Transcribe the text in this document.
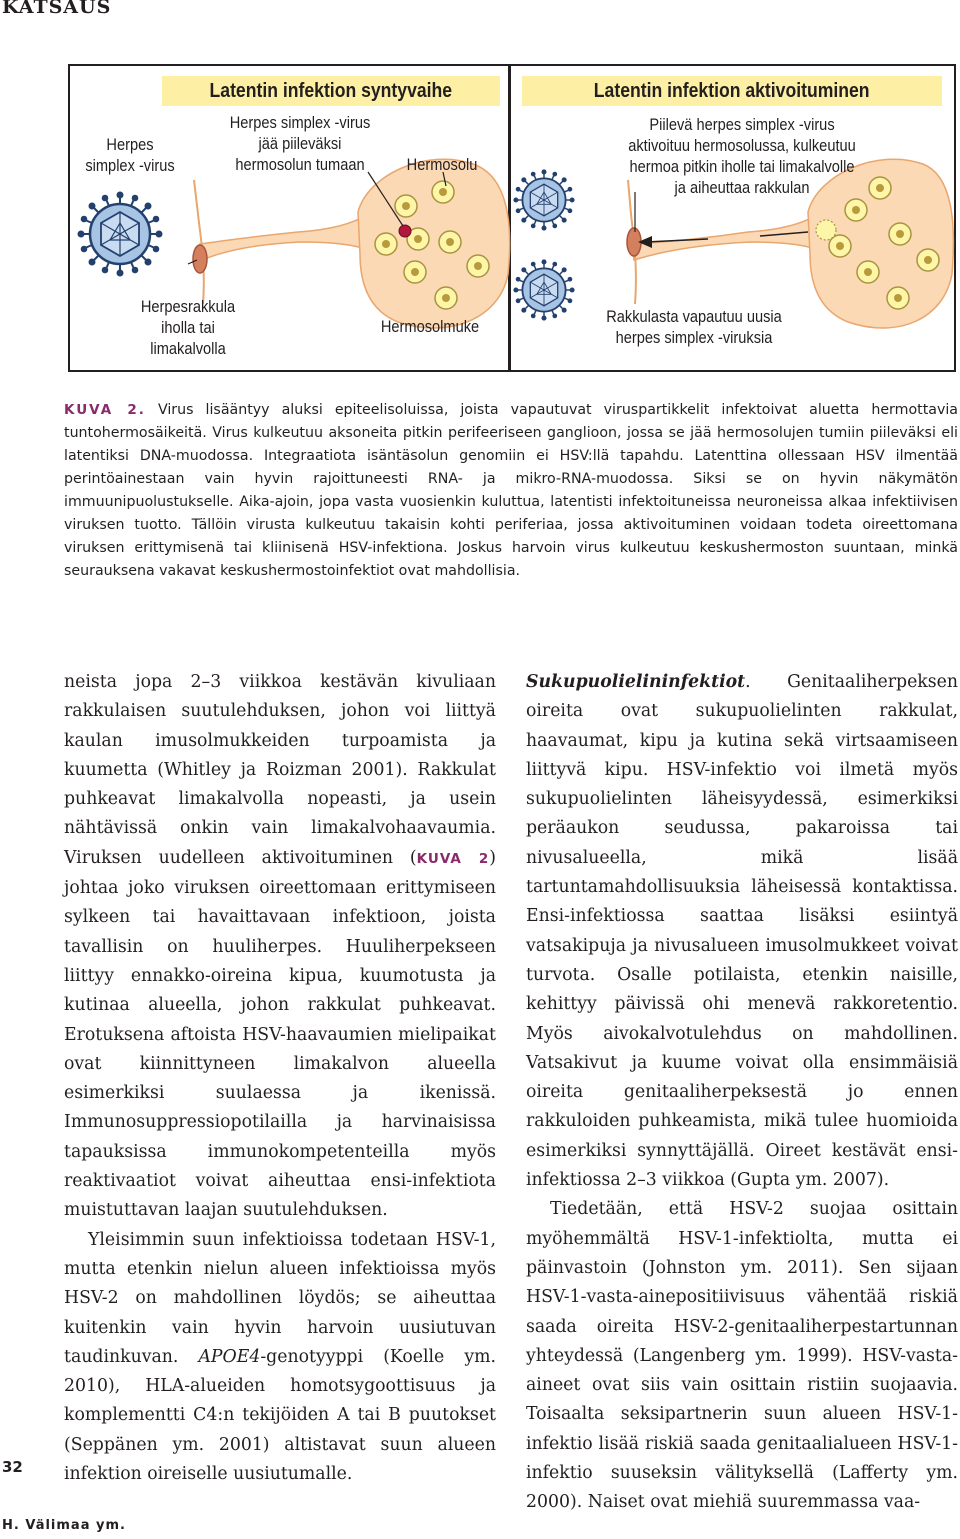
KATSAUS
Latentin infektion syntyvaihe	Latentin infektion aktivoituminen
Herpes
simplex -virus
Herpes simplex -virus
jää piileväksi
hermosolun tumaan	Hermosolu
Herpesrakkula
iholla tai
limakalvolla
Hermosolmuke
Piilevä herpes simplex -virus
aktivoituu hermosolussa, kulkeutuu
hermoa pitkin iholle tai limakalvolle
ja aiheuttaa rakkulan
Rakkulasta vapautuu uusia
herpes simplex -viruksia
KUVA 2. Virus lisääntyy aluksi epiteelisoluissa, joista vapautuvat viruspartikkelit infektoivat aluetta hermottavia tuntohermosäikeitä. Virus kulkeutuu aksoneita pitkin perifeeriseen ganglioon, jossa se jää hermosolujen tumiin piileväksi eli latentiksi DNA-muodossa. Integraatiota isäntäsolun genomiin ei HSV:llä tapahdu. Latenttina ollessaan HSV ilmentää perintöainestaan vain hyvin rajoittuneesti RNA- ja mikro-RNA-muodossa. Siksi se on hyvin näkymätön immuunipuolustukselle. Aika-ajoin, jopa vasta vuosienkin kuluttua, latentisti infektoituneissa neuroneissa alkaa infektiivisen viruksen tuotto. Tällöin virusta kulkeutuu takaisin kohti periferiaa, jossa aktivoituminen voidaan todeta oireettomana viruksen erittymisenä tai kliinisenä HSV-infektiona. Joskus harvoin virus kulkeutuu keskushermoston suuntaan, minkä seurauksena vakavat keskushermostoinfektiot ovat mahdollisia.

neista jopa 2–3 viikkoa kestävän kivuliaan rakkulaisen suutulehduksen, johon voi liittyä kaulan imusolmukkeiden turpoamista ja kuumetta (Whitley ja Roizman 2001). Rakkulat puhkeavat limakalvolla nopeasti, ja usein nähtävissä onkin vain limakalvohaavaumia. Viruksen uudelleen aktivoituminen (KUVA 2) johtaa joko viruksen oireettomaan erittymiseen sylkeen tai havaittavaan infektioon, joista tavallisin on huuliherpes. Huuliherpekseen liittyy ennakko-oireina kipua, kuumotusta ja kutinaa alueella, johon rakkulat puhkeavat. Erotuksena aftoista HSV-haavaumien mielipaikat ovat kiinnittyneen limakalvon alueella esimerkiksi suulaessa ja ikenissä. Immunosuppressiopotilailla ja harvinaisissa tapauksissa immunokompetenteilla myös reaktivaatiot voivat aiheuttaa ensi-infektiota muistuttavan laajan suutulehduksen.

Yleisimmin suun infektioissa todetaan HSV-1, mutta etenkin nielun alueen infektioissa myös HSV-2 on mahdollinen löydös; se aiheuttaa kuitenkin vain hyvin harvoin uusiutuvan taudinkuvan. APOE4-genotyyppi (Koelle ym. 2010), HLA-alueiden homotsygoottisuus ja komplementti C4:n tekijöiden A tai B puutokset (Seppänen ym. 2001) altistavat suun alueen infektion oireiselle uusiutumalle.

Sukupuolielininfektiot. Genitaaliherpeksen oireita ovat sukupuolielinten rakkulat, haavaumat, kipu ja kutina sekä virtsaamiseen liittyvä kipu. HSV-infektio voi ilmetä myös sukupuolielinten läheisyydessä, esimerkiksi peräaukon seudussa, pakaroissa tai nivusalueella, mikä lisää tartuntamahdollisuuksia läheisessä kontaktissa. Ensi-infektiossa saattaa lisäksi esiintyä vatsakipuja ja nivusalueen imusolmukkeet voivat turvota. Osalle potilaista, etenkin naisille, kehittyy päivissä ohi menevä rakkoretentio. Myös aivokalvotulehdus on mahdollinen. Vatsakivut ja kuume voivat olla ensimmäisiä oireita genitaaliherpeksestä jo ennen rakkuloiden puhkeamista, mikä tulee huomioida esimerkiksi synnyttäjällä. Oireet kestävät ensi-infektiossa 2–3 viikkoa (Gupta ym. 2007).

Tiedetään, että HSV-2 suojaa osittain myöhemmältä HSV-1-infektiolta, mutta ei päinvastoin (Johnston ym. 2011). Sen sijaan HSV-1-vasta-ainepositiivisuus vähentää riskiä saada oireita HSV-2-genitaaliherpestartunnan yhteydessä (Langenberg ym. 1999). HSV-vasta-aineet ovat siis vain osittain ristiin suojaavia. Toisaalta seksipartnerin suun alueen HSV-1-infektio lisää riskiä saada genitaalialueen HSV-1-infektio suuseksin välityksellä (Lafferty ym. 2000). Naiset ovat miehiä suuremmassa vaa-

32
H. Välimaa ym.
